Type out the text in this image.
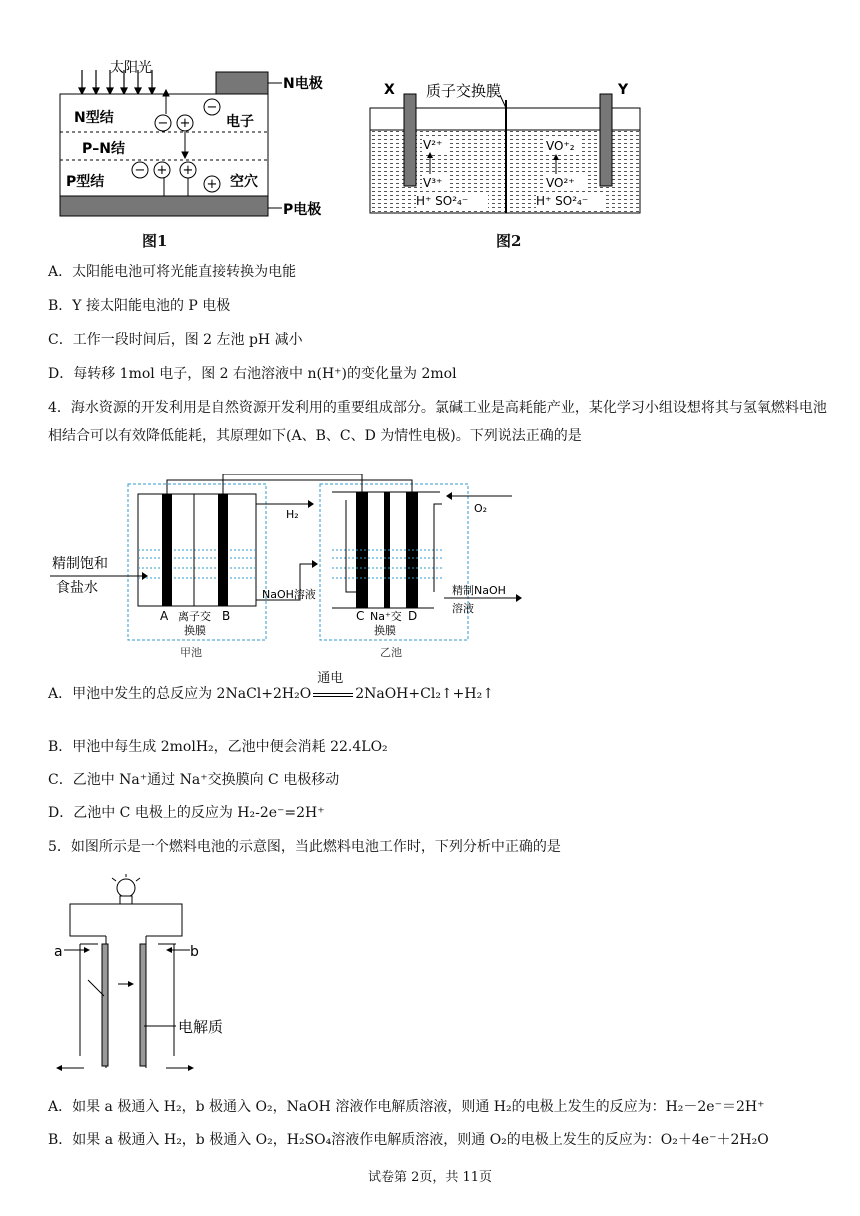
太阳光
N电极
N型结
P–N结
P型结
− +
−
− + +
+
电子
空穴
P电极
图1
质子交换膜
X	Y
V²⁺
V³⁺
H⁺ SO²₄⁻
VO⁺₂
VO²⁺
H⁺ SO²₄⁻
图2
A．太阳能电池可将光能直接转换为电能
B．Y 接太阳能电池的 P 电极
C．工作一段时间后，图 2 左池 pH 减小
D．每转移 1mol 电子，图 2 右池溶液中 n(H⁺)的变化量为 2mol
4．海水资源的开发利用是自然资源开发利用的重要组成部分。氯碱工业是高耗能产业，某化学习小组设想将其与氢氧燃料电池相结合可以有效降低能耗，其原理如下(A、B、C、D 为情性电极)。下列说法正确的是
H₂	O₂
NaOH溶液
精制饱和
食盐水	精制NaOH
溶液
A 离子交 B
换膜
C Na⁺交 D
换膜
甲池	乙池
A．甲池中发生的总反应为 2NaCl+2H₂O
通电
2NaOH+Cl₂↑+H₂↑
B．甲池中每生成 2molH₂，乙池中便会消耗 22.4LO₂
C．乙池中 Na⁺通过 Na⁺交换膜向 C 电极移动
D．乙池中 C 电极上的反应为 H₂-2e⁻=2H⁺
5．如图所示是一个燃料电池的示意图，当此燃料电池工作时，下列分析中正确的是
a	b
电解质
A．如果 a 极通入 H₂，b 极通入 O₂，NaOH 溶液作电解质溶液，则通 H₂的电极上发生的反应为：H₂－2e⁻＝2H⁺
B．如果 a 极通入 H₂，b 极通入 O₂，H₂SO₄溶液作电解质溶液，则通 O₂的电极上发生的反应为：O₂＋4e⁻＋2H₂O
试卷第 2页，共 11页
